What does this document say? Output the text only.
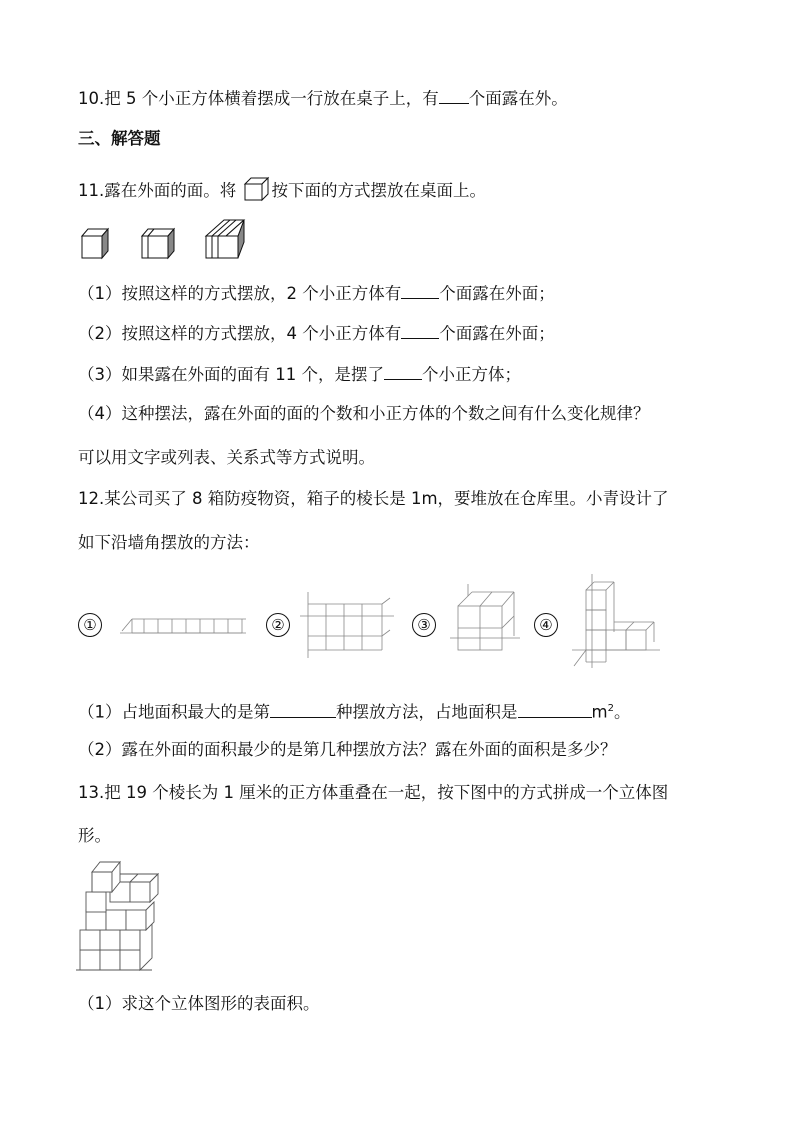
10.把 5 个小正方体横着摆成一行放在桌子上，有 个面露在外。
三、解答题
11.露在外面的面。将 按下面的方式摆放在桌面上。
（1）按照这样的方式摆放，2 个小正方体有 个面露在外面；
（2）按照这样的方式摆放，4 个小正方体有 个面露在外面；
（3）如果露在外面的面有 11 个，是摆了 个小正方体；
（4）这种摆法，露在外面的面的个数和小正方体的个数之间有什么变化规律？
可以用文字或列表、关系式等方式说明。
12.某公司买了 8 箱防疫物资，箱子的棱长是 1m，要堆放在仓库里。小青设计了
如下沿墙角摆放的方法：
①	②	③	④
（1）占地面积最大的是第	种摆放方法，占地面积是	$m^2$。
（2）露在外面的面积最少的是第几种摆放方法？露在外面的面积是多少？
13.把 19 个棱长为 1 厘米的正方体重叠在一起，按下图中的方式拼成一个立体图
形。
（1）求这个立体图形的表面积。
